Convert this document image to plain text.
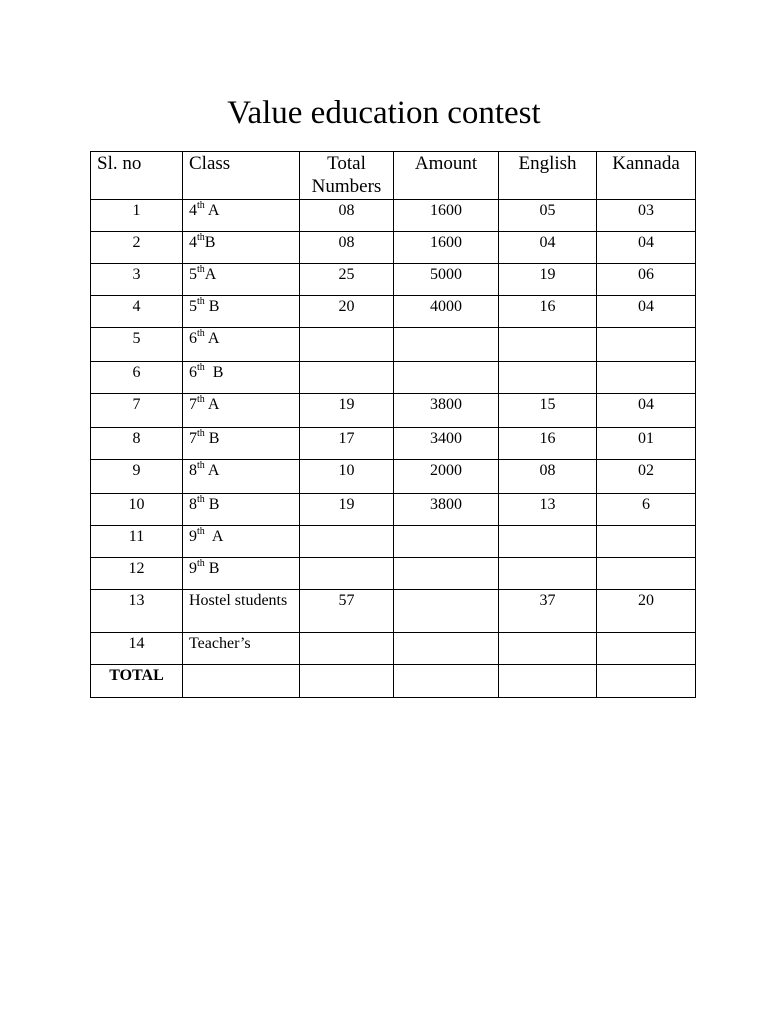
Value education contest
Sl. no	Class	Total Numbers	Amount	English	Kannada
1	4th A	08	1600	05	03
2	4thB	08	1600	04	04
3	5thA	25	5000	19	06
4	5th B	20	4000	16	04
5	6th A				
6	6th  B				
7	7th A	19	3800	15	04
8	7th B	17	3400	16	01
9	8th A	10	2000	08	02
10	8th B	19	3800	13	6
11	9th  A				
12	9th B				
13	Hostel students	57		37	20
14	Teacher’s				
TOTAL					
